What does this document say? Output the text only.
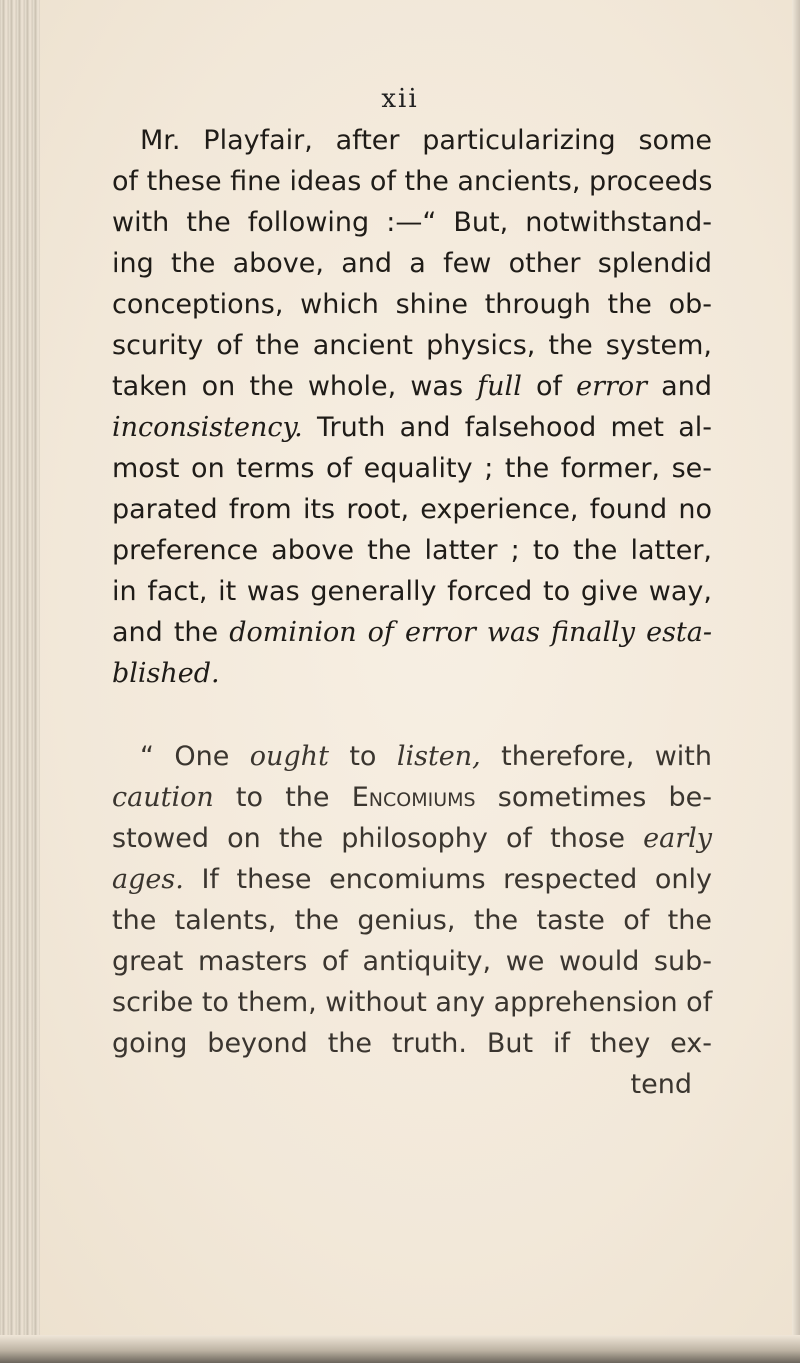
xii
Mr. Playfair, after particularizing some
of these fine ideas of the ancients, proceeds
with the following :—“ But, notwithstand-
ing the above, and a few other splendid
conceptions, which shine through the ob-
scurity of the ancient physics, the system,
taken on the whole, was full of error and
inconsistency. Truth and falsehood met al-
most on terms of equality ; the former, se-
parated from its root, experience, found no
preference above the latter ; to the latter,
in fact, it was generally forced to give way,
and the dominion of error was finally esta-
blished.
“ One ought to listen, therefore, with
caution to the Encomiums sometimes be-
stowed on the philosophy of those early
ages. If these encomiums respected only
the talents, the genius, the taste of the
great masters of antiquity, we would sub-
scribe to them, without any apprehension of
going beyond the truth. But if they ex-
tend
